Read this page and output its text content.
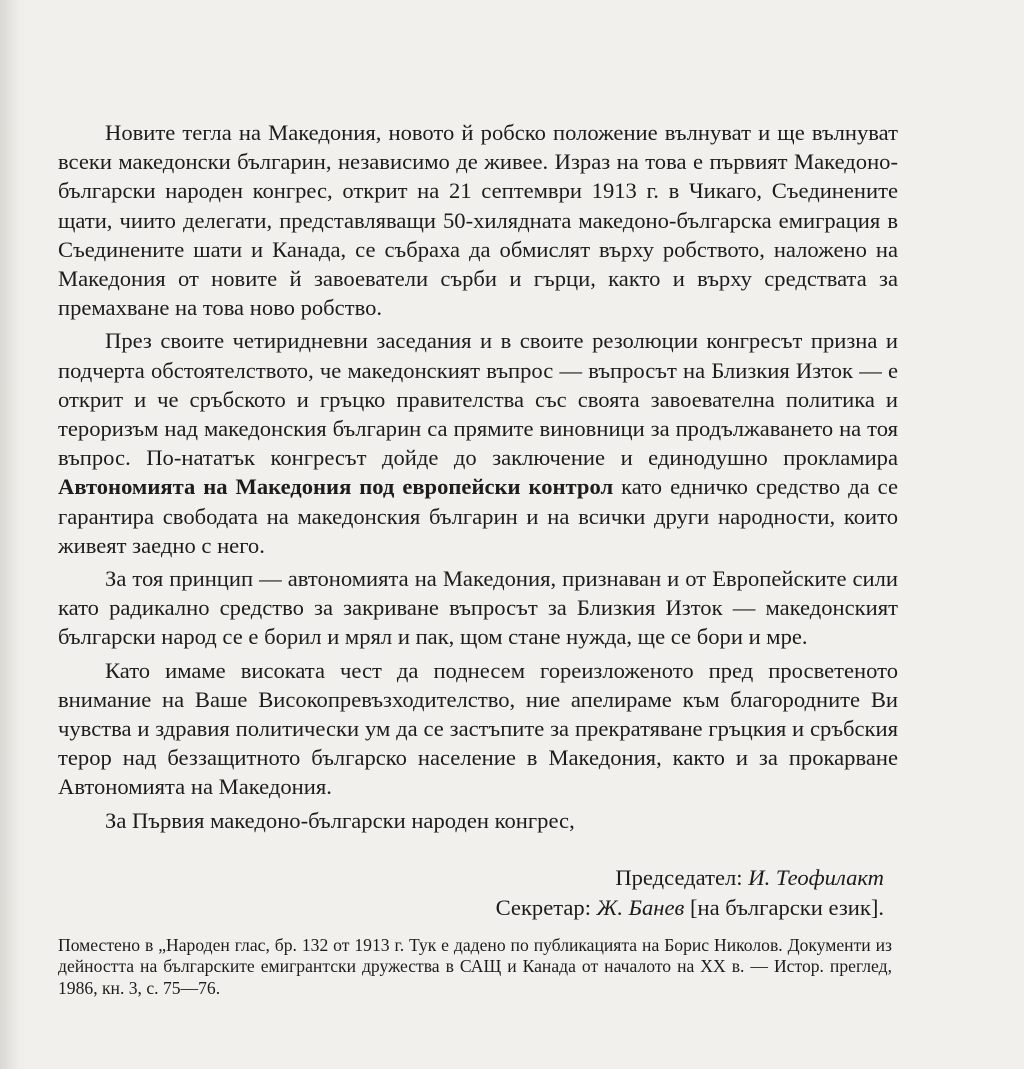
Новите тегла на Македония, новото й робско положение вълнуват и ще вълнуват всеки македонски българин, независимо де живее. Израз на това е първият Македоно-български народен конгрес, открит на 21 септември 1913 г. в Чикаго, Съединените щати, чиито делегати, представляващи 50-хилядната македоно-българска емиграция в Съединените шати и Канада, се събраха да обмислят върху робството, наложено на Македония от новите й завоеватели сърби и гърци, както и върху средствата за премахване на това ново робство.

През своите четиридневни заседания и в своите резолюции конгресът призна и подчерта обстоятелството, че македонският въпрос — въпросът на Близкия Изток — е открит и че сръбското и гръцко правителства със своята завоевателна политика и тероризъм над македонския българин са прямите виновници за продължаването на тоя въпрос. По-нататък конгресът дойде до заключение и единодушно прокламира Автономията на Македония под европейски контрол като едничко средство да се гарантира свободата на македонския българин и на всички други народности, които живеят заедно с него.

За тоя принцип — автономията на Македония, признаван и от Европейските сили като радикално средство за закриване въпросът за Близкия Изток — македонският български народ се е борил и мрял и пак, щом стане нужда, ще се бори и мре.

Като имаме високата чест да поднесем гореизложеното пред просветеното внимание на Ваше Високопревъзходителство, ние апелираме към благородните Ви чувства и здравия политически ум да се застъпите за прекратяване гръцкия и сръбския терор над беззащитното българско население в Македония, както и за прокарване Автономията на Македония.

За Първия македоно-български народен конгрес,

Председател: И. Теофилакт
Секретар: Ж. Банев [на български език].

Поместено в „Народен глас, бр. 132 от 1913 г. Тук е дадено по публикацията на Борис Николов. Документи из дейността на българските емигрантски дружества в САЩ и Канада от началото на ХХ в. — Истор. преглед, 1986, кн. 3, с. 75—76.
